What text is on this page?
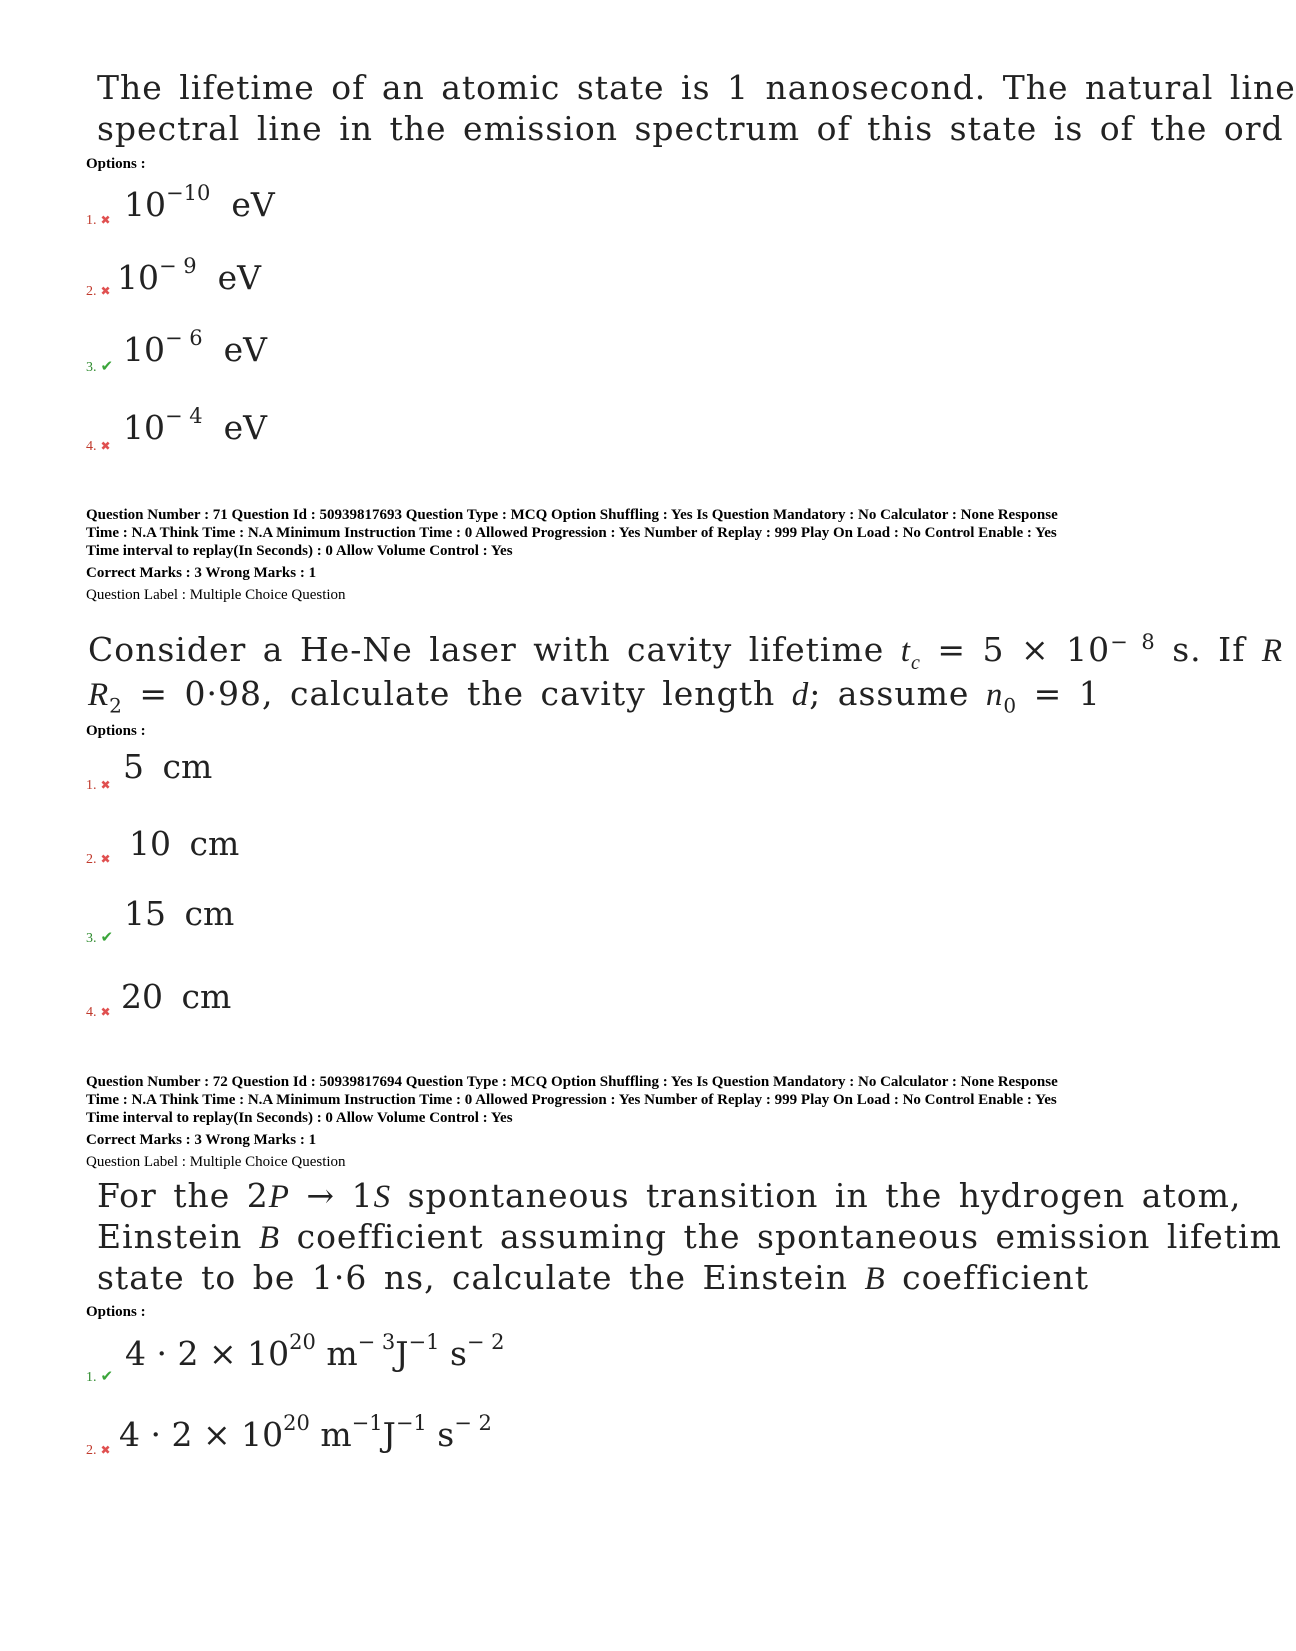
The lifetime of an atomic state is 1 nanosecond. The natural line
spectral line in the emission spectrum of this state is of the ord
Options :
1. ✖ $10^{-10}$ eV
2. ✖ $10^{- 9}$ eV
3. ✔ $10^{- 6}$ eV
4. ✖ $10^{- 4}$ eV
Question Number : 71 Question Id : 50939817693 Question Type : MCQ Option Shuffling : Yes Is Question Mandatory : No Calculator : None Response
Time : N.A Think Time : N.A Minimum Instruction Time : 0 Allowed Progression : Yes Number of Replay : 999 Play On Load : No Control Enable : Yes
Time interval to replay(In Seconds) : 0 Allow Volume Control : Yes
Correct Marks : 3 Wrong Marks : 1
Question Label : Multiple Choice Question
Consider a He-Ne laser with cavity lifetime $t_c = 5 \times 10^{- 8}$ s. If R
$R_2 = 0\cdot 98$, calculate the cavity length d; assume $n_0 = 1$
Options :
1. ✖ 5 cm
2. ✖ 10 cm
3. ✔
15 cm
4. ✖ 20 cm
Question Number : 72 Question Id : 50939817694 Question Type : MCQ Option Shuffling : Yes Is Question Mandatory : No Calculator : None Response
Time : N.A Think Time : N.A Minimum Instruction Time : 0 Allowed Progression : Yes Number of Replay : 999 Play On Load : No Control Enable : Yes
Time interval to replay(In Seconds) : 0 Allow Volume Control : Yes
Correct Marks : 3 Wrong Marks : 1
Question Label : Multiple Choice Question
For the 2P → 1S spontaneous transition in the hydrogen atom,
Einstein B coefficient assuming the spontaneous emission lifetim
state to be 1·6 ns, calculate the Einstein B coefficient
Options :
1. ✔
$4 \cdot 2 \times 10^{20}$ $m^{- 3}J^{-1}$ $s^{- 2}$
2. ✖ $4 \cdot 2 \times 10^{20}$ $m^{-1}J^{-1}$ $s^{- 2}$
